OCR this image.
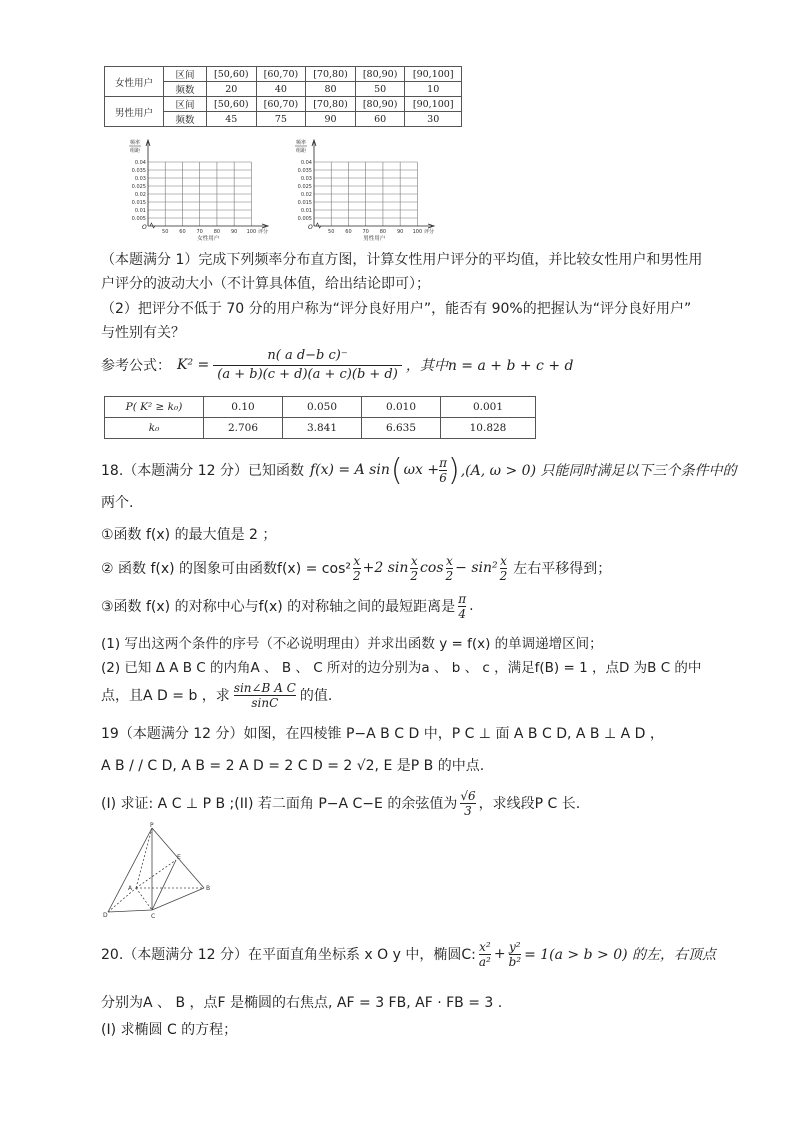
女性用户	区间	[50,60)	[60,70)	[70,80)	[80,90)	[90,100]
	频数	20	40	80	50	10
男性用户	区间	[50,60)	[60,70)	[70,80)	[80,90)	[90,100]
	频数	45	75	90	60	30
0.04
0.035
0.03
0.025
0.02
0.015
0.01
0.005
50 60 70 80 90 100
O
频率
组距
评分
女性用户
0.04
0.035
0.03
0.025
0.02
0.015
0.01
0.005
50 60 70 80 90 100
O
频率
组距
评分
男性用户
（本题满分 1）完成下列频率分布直方图，计算女性用户评分的平均值，并比较女性用户和男性用
户评分的波动大小（不计算具体值，给出结论即可）；
（2）把评分不低于 70 分的用户称为“评分良好用户”，能否有 90%的把握认为“评分良好用户”
与性别有关？
参考公式： $K^2 = \frac{\text{n( a d−b c)⁻}}{(a + b)(c + d)(a + c)(b + d)}$ ，其中n = a + b + c + d
P( K² ≥ k₀)	0.10	0.050	0.010	0.001
k₀	2.706	3.841	6.635	10.828
18.（本题满分 12 分）已知函数 f(x) = A sin ( $\omega x + \frac{\pi}{6}$ ) ,(A, ω > 0) 只能同时满足以下三个条件中的
两个.
①函数 f(x) 的最大值是 2 ；
② 函数 f(x) 的图象可由函数$f(x) = \cos^2 \frac{x}{2} +2$ $\sin \frac{x}{2}$ $\cos \frac{x}{2} - \sin^2 \frac{x}{2}$ 左右平移得到；
③函数 f(x) 的对称中心与f(x) 的对称轴之间的最短距离是 $\frac{\pi}{4}$ .
(1) 写出这两个条件的序号（不必说明理由）并求出函数 y = f(x) 的单调递增区间；
(2) 已知 Δ A B C 的内角A 、 B 、 C 所对的边分别为a 、 b 、 c ，满足f(B) = 1 ，点D 为B C 的中
点，且A D = b ，求 $\frac{\text{sin∠B A C}}{\sin C}$ 的值.
19（本题满分 12 分）如图，在四棱锥 P−A B C D 中，P C ⊥ 面 A B C D, A B ⊥ A D ，
A B / / C D, A B = 2 A D = 2 C D = 2 √2, E 是P B 的中点.
(I) 求证: A C ⊥ P B ;(II) 若二面角 P−A C−E 的余弦值为 $\frac{√6}{3}$ ，求线段P C 长.
P
E
A	B
C
D
20.（本题满分 12 分）在平面直角坐标系 x O y 中，椭圆C: $\frac{\text{x²}}{\text{a²}} + \frac{\text{y²}}{\text{b²}} = 1(a > b > 0)$ 的左，右顶点
分别为A 、 B ，点F 是椭圆的右焦点, AF = 3 FB, AF · FB = 3 .
(I) 求椭圆 C 的方程；
